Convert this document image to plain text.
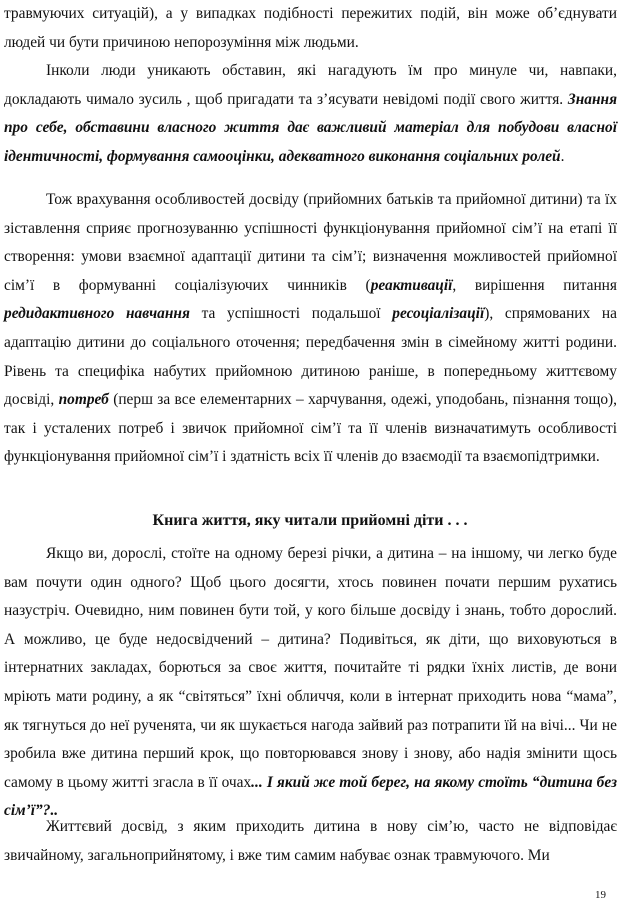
травмуючих ситуацій), а у випадках подібності пережитих подій, він може об’єднувати людей чи бути причиною непорозуміння між людьми.

Інколи люди уникають обставин, які нагадують їм про минуле чи, навпаки, докладають чимало зусиль , щоб пригадати та з’ясувати невідомі події свого життя. Знання про себе, обставини власного життя дає важливий матеріал для побудови власної ідентичності, формування самооцінки, адекватного виконання соціальних ролей.

Тож врахування особливостей досвіду (прийомних батьків та прийомної дитини) та їх зіставлення сприяє прогнозуванню успішності функціонування прийомної сім’ї на етапі її створення: умови взаємної адаптації дитини та сім’ї; визначення можливостей прийомної сім’ї в формуванні соціалізуючих чинників (реактивації, вирішення питання редидактивного навчання та успішності подальшої ресоціалізації), спрямованих на адаптацію дитини до соціального оточення; передбачення змін в сімейному житті родини. Рівень та специфіка набутих прийомною дитиною раніше, в попередньому життєвому досвіді, потреб (перш за все елементарних – харчування, одежі, уподобань, пізнання тощо), так і усталених потреб і звичок прийомної сім’ї та її членів визначатимуть особливості функціонування прийомної сім’ї і здатність всіх її членів до взаємодії та взаємопідтримки.

Книга життя, яку читали прийомні діти . . .

Якщо ви, дорослі, стоїте на одному березі річки, а дитина – на іншому, чи легко буде вам почути один одного? Щоб цього досягти, хтось повинен почати першим рухатись назустріч. Очевидно, ним повинен бути той, у кого більше досвіду і знань, тобто дорослий. А можливо, це буде недосвідчений – дитина? Подивіться, як діти, що виховуються в інтернатних закладах, борються за своє життя, почитайте ті рядки їхніх листів, де вони мріють мати родину, а як “світяться” їхні обличчя, коли в інтернат приходить нова “мама”, як тягнуться до неї рученята, чи як шукається нагода зайвий раз потрапити їй на вічі... Чи не зробила вже дитина перший крок, що повторювався знову і знову, або надія змінити щось самому в цьому житті згасла в її очах... І який же той берег, на якому стоїть “дитина без сім’ї”?..

Життєвий досвід, з яким приходить дитина в нову сім’ю, часто не відповідає звичайному, загальноприйнятому, і вже тим самим набуває ознак травмуючого. Ми

19
